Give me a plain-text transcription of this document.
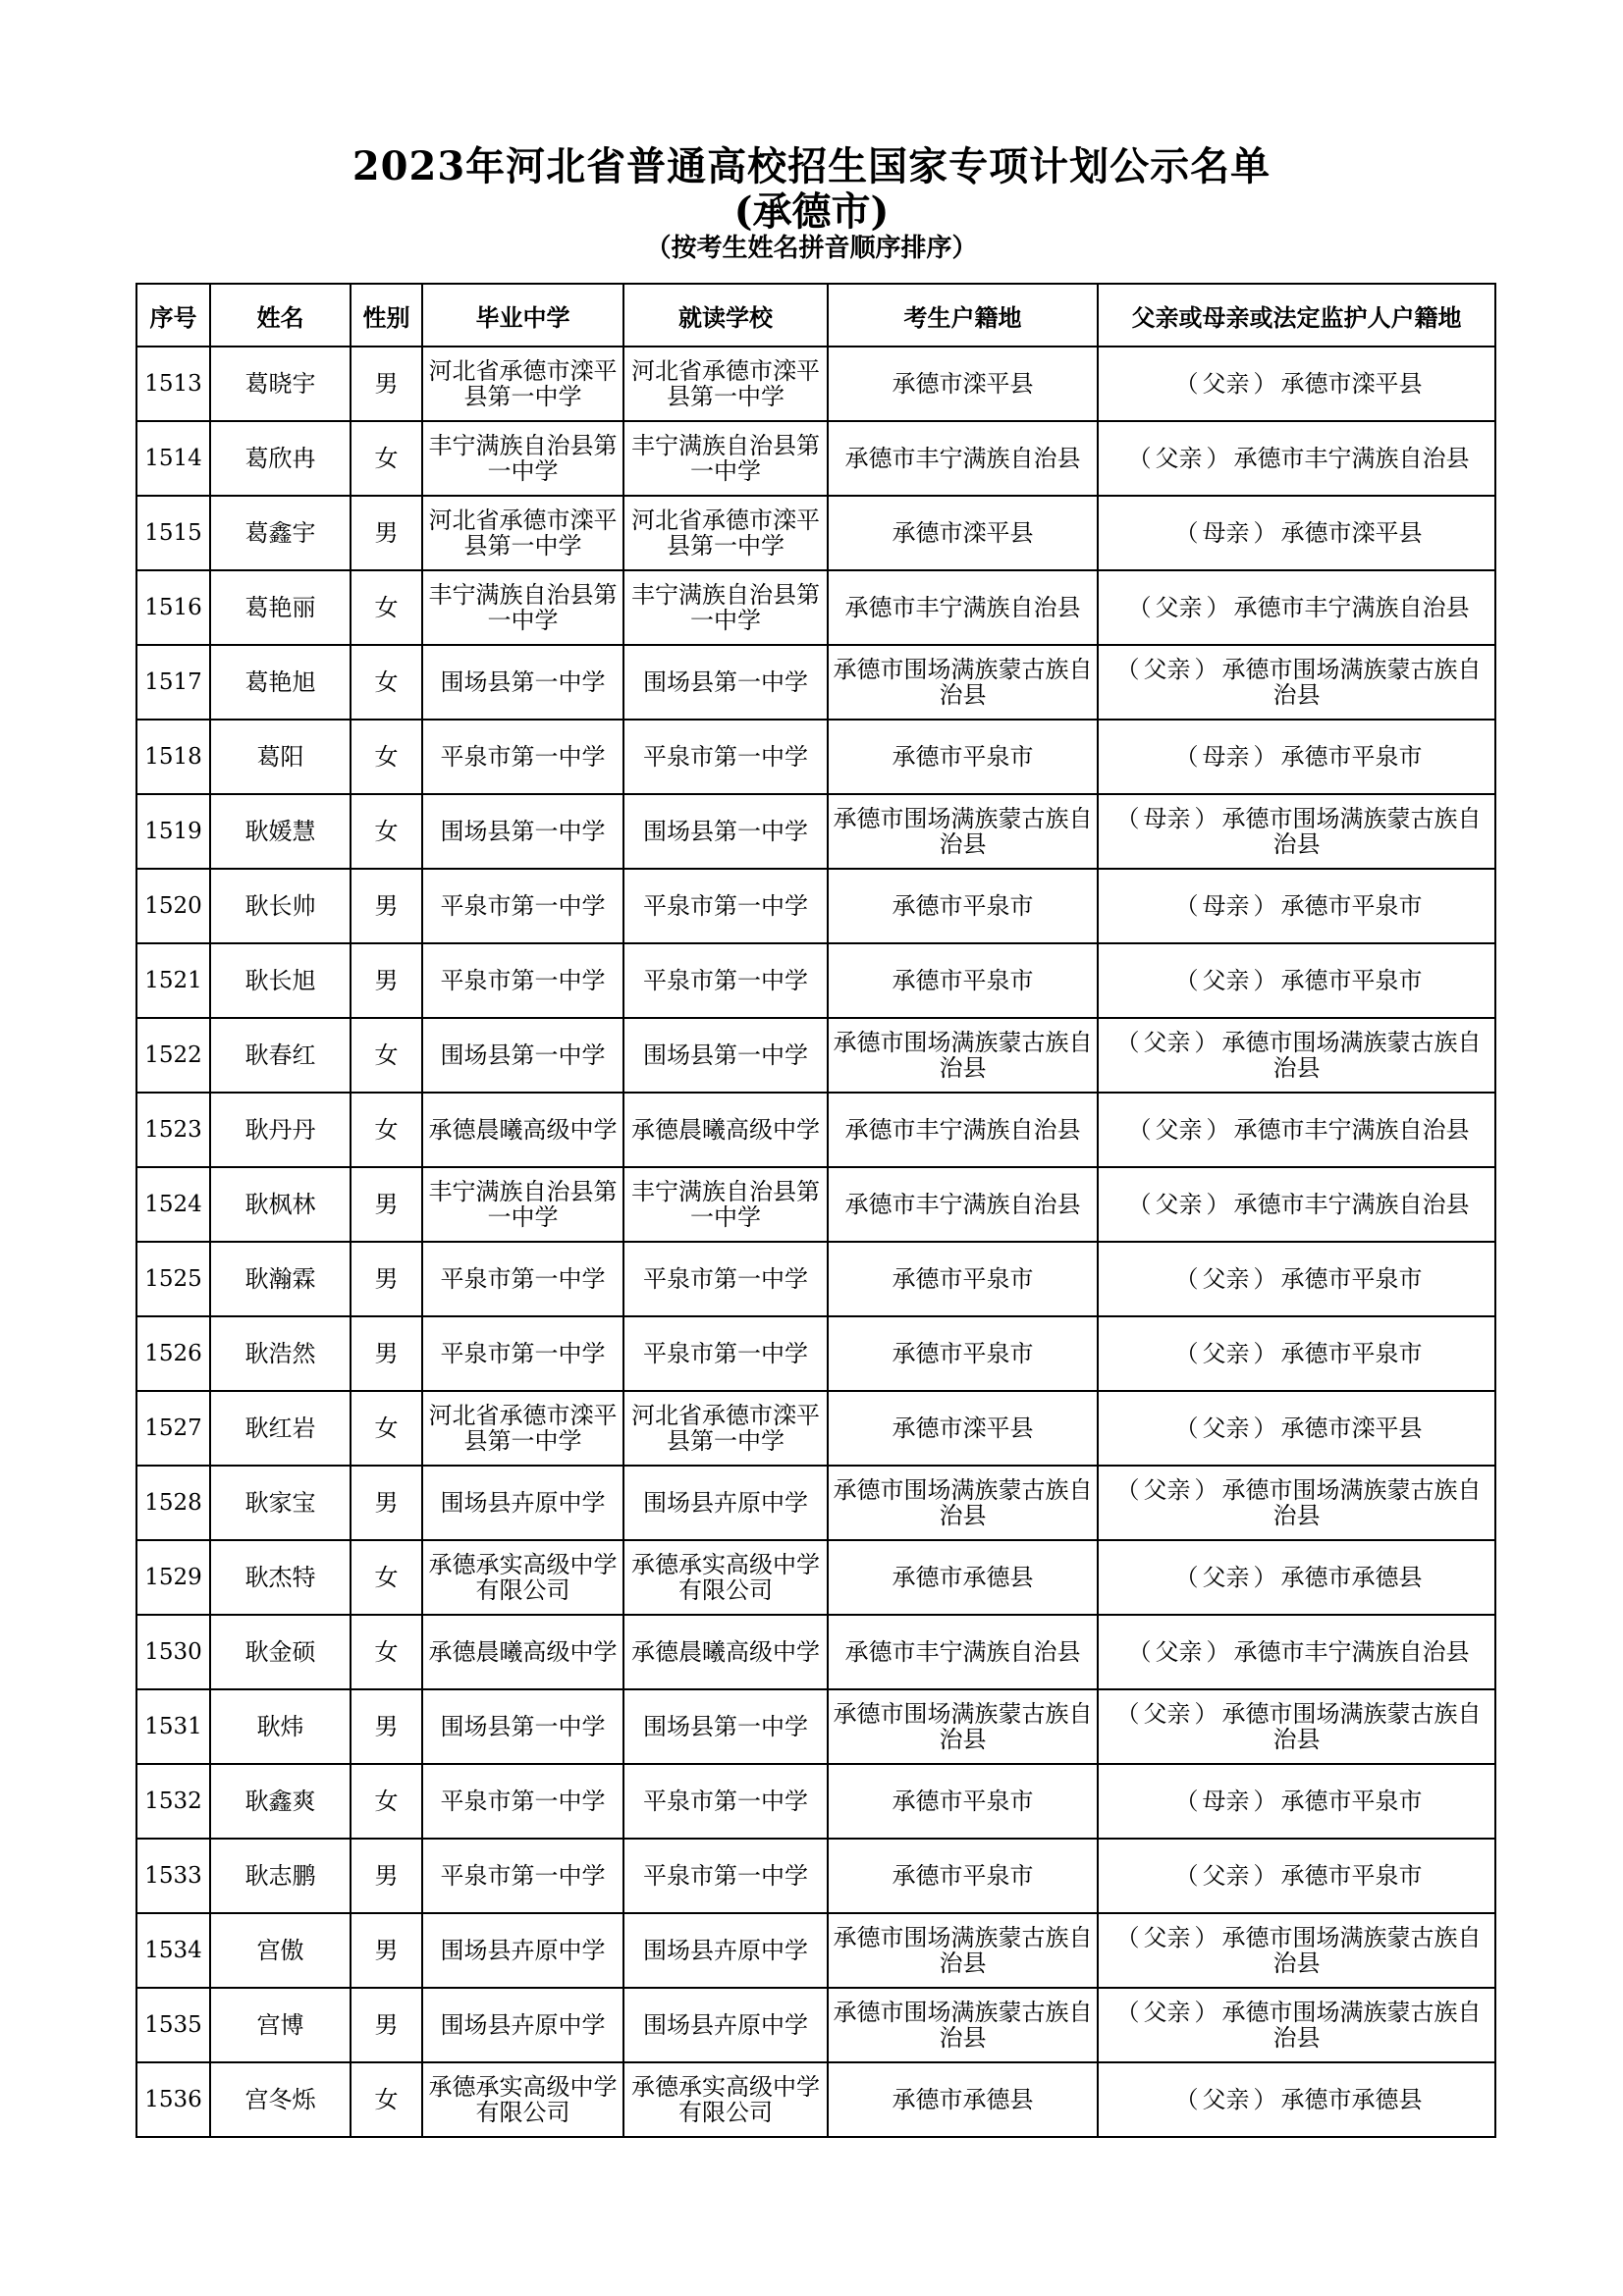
2023年河北省普通高校招生国家专项计划公示名单
(承德市)
（按考生姓名拼音顺序排序）
序号	姓名	性别	毕业中学	就读学校	考生户籍地	父亲或母亲或法定监护人户籍地
1513	葛晓宇	男	河北省承德市滦平县第一中学	河北省承德市滦平县第一中学	承德市滦平县	（ 父亲 ） 承德市滦平县
1514	葛欣冉	女	丰宁满族自治县第一中学	丰宁满族自治县第一中学	承德市丰宁满族自治县	（ 父亲 ） 承德市丰宁满族自治县
1515	葛鑫宇	男	河北省承德市滦平县第一中学	河北省承德市滦平县第一中学	承德市滦平县	（ 母亲 ） 承德市滦平县
1516	葛艳丽	女	丰宁满族自治县第一中学	丰宁满族自治县第一中学	承德市丰宁满族自治县	（ 父亲 ） 承德市丰宁满族自治县
1517	葛艳旭	女	围场县第一中学	围场县第一中学	承德市围场满族蒙古族自治县	（ 父亲 ） 承德市围场满族蒙古族自治县
1518	葛阳	女	平泉市第一中学	平泉市第一中学	承德市平泉市	（ 母亲 ） 承德市平泉市
1519	耿媛慧	女	围场县第一中学	围场县第一中学	承德市围场满族蒙古族自治县	（ 母亲 ） 承德市围场满族蒙古族自治县
1520	耿长帅	男	平泉市第一中学	平泉市第一中学	承德市平泉市	（ 母亲 ） 承德市平泉市
1521	耿长旭	男	平泉市第一中学	平泉市第一中学	承德市平泉市	（ 父亲 ） 承德市平泉市
1522	耿春红	女	围场县第一中学	围场县第一中学	承德市围场满族蒙古族自治县	（ 父亲 ） 承德市围场满族蒙古族自治县
1523	耿丹丹	女	承德晨曦高级中学	承德晨曦高级中学	承德市丰宁满族自治县	（ 父亲 ） 承德市丰宁满族自治县
1524	耿枫林	男	丰宁满族自治县第一中学	丰宁满族自治县第一中学	承德市丰宁满族自治县	（ 父亲 ） 承德市丰宁满族自治县
1525	耿瀚霖	男	平泉市第一中学	平泉市第一中学	承德市平泉市	（ 父亲 ） 承德市平泉市
1526	耿浩然	男	平泉市第一中学	平泉市第一中学	承德市平泉市	（ 父亲 ） 承德市平泉市
1527	耿红岩	女	河北省承德市滦平县第一中学	河北省承德市滦平县第一中学	承德市滦平县	（ 父亲 ） 承德市滦平县
1528	耿家宝	男	围场县卉原中学	围场县卉原中学	承德市围场满族蒙古族自治县	（ 父亲 ） 承德市围场满族蒙古族自治县
1529	耿杰特	女	承德承实高级中学有限公司	承德承实高级中学有限公司	承德市承德县	（ 父亲 ） 承德市承德县
1530	耿金硕	女	承德晨曦高级中学	承德晨曦高级中学	承德市丰宁满族自治县	（ 父亲 ） 承德市丰宁满族自治县
1531	耿炜	男	围场县第一中学	围场县第一中学	承德市围场满族蒙古族自治县	（ 父亲 ） 承德市围场满族蒙古族自治县
1532	耿鑫爽	女	平泉市第一中学	平泉市第一中学	承德市平泉市	（ 母亲 ） 承德市平泉市
1533	耿志鹏	男	平泉市第一中学	平泉市第一中学	承德市平泉市	（ 父亲 ） 承德市平泉市
1534	宫傲	男	围场县卉原中学	围场县卉原中学	承德市围场满族蒙古族自治县	（ 父亲 ） 承德市围场满族蒙古族自治县
1535	宫博	男	围场县卉原中学	围场县卉原中学	承德市围场满族蒙古族自治县	（ 父亲 ） 承德市围场满族蒙古族自治县
1536	宫冬烁	女	承德承实高级中学有限公司	承德承实高级中学有限公司	承德市承德县	（ 父亲 ） 承德市承德县
